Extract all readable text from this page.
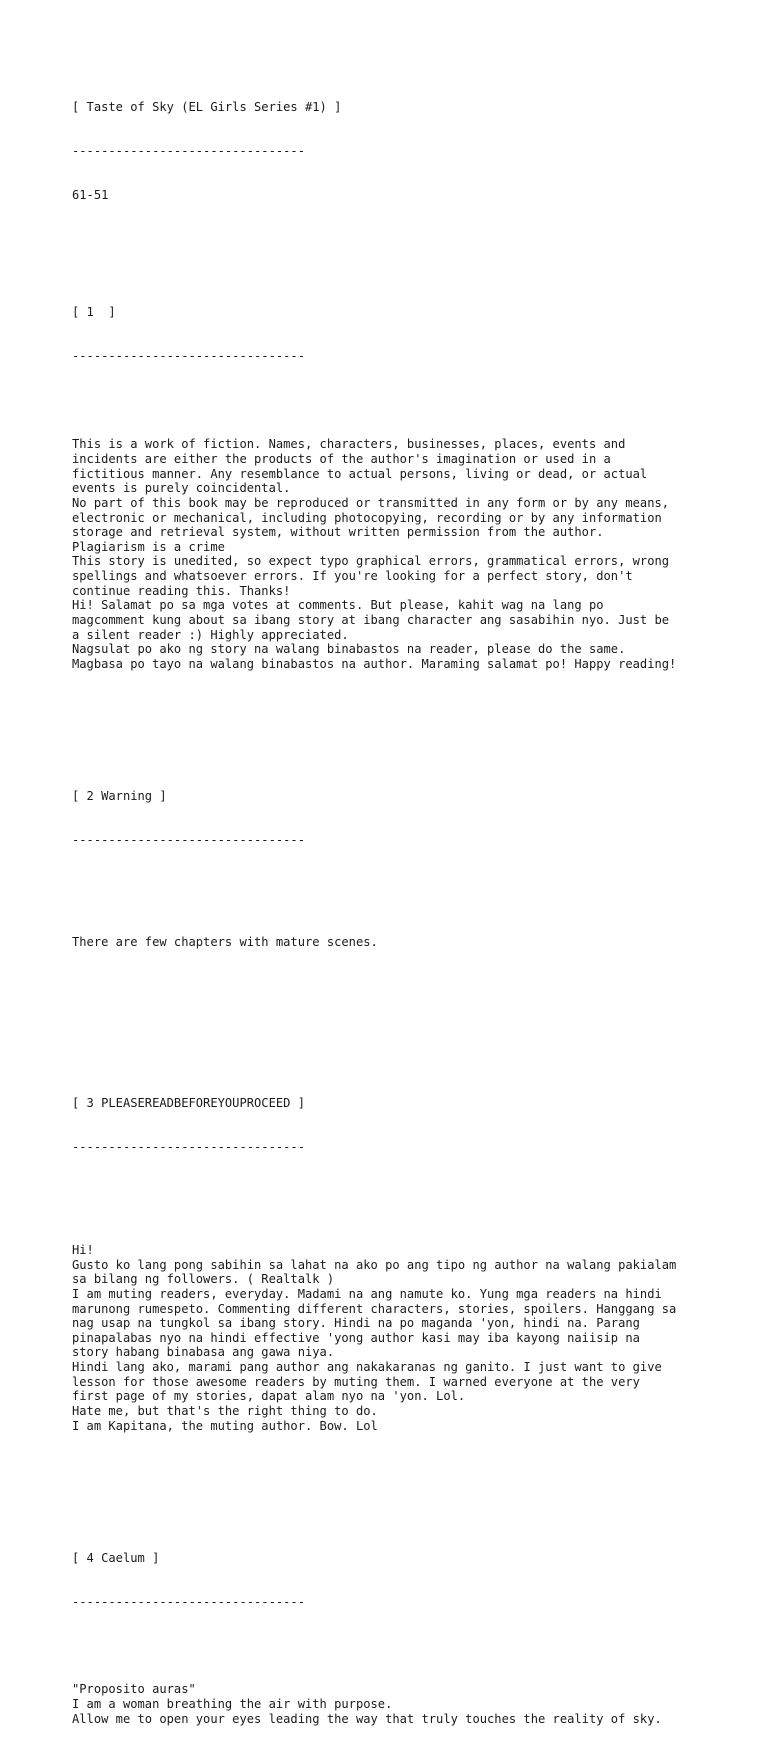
[ Taste of Sky (EL Girls Series #1) ]

--------------------------------

61-51

[ 1  ]

--------------------------------

This is a work of fiction. Names, characters, businesses, places, events and
incidents are either the products of the author's imagination or used in a
fictitious manner. Any resemblance to actual persons, living or dead, or actual
events is purely coincidental.
No part of this book may be reproduced or transmitted in any form or by any means,
electronic or mechanical, including photocopying, recording or by any information
storage and retrieval system, without written permission from the author.
Plagiarism is a crime
This story is unedited, so expect typo graphical errors, grammatical errors, wrong
spellings and whatsoever errors. If you're looking for a perfect story, don't
continue reading this. Thanks!
Hi! Salamat po sa mga votes at comments. But please, kahit wag na lang po
magcomment kung about sa ibang story at ibang character ang sasabihin nyo. Just be
a silent reader :) Highly appreciated.
Nagsulat po ako ng story na walang binabastos na reader, please do the same.
Magbasa po tayo na walang binabastos na author. Maraming salamat po! Happy reading!

[ 2 Warning ]

--------------------------------

There are few chapters with mature scenes.

[ 3 PLEASEREADBEFOREYOUPROCEED ]

--------------------------------

Hi!
Gusto ko lang pong sabihin sa lahat na ako po ang tipo ng author na walang pakialam
sa bilang ng followers. ( Realtalk )
I am muting readers, everyday. Madami na ang namute ko. Yung mga readers na hindi
marunong rumespeto. Commenting different characters, stories, spoilers. Hanggang sa
nag usap na tungkol sa ibang story. Hindi na po maganda 'yon, hindi na. Parang
pinapalabas nyo na hindi effective 'yong author kasi may iba kayong naiisip na
story habang binabasa ang gawa niya.
Hindi lang ako, marami pang author ang nakakaranas ng ganito. I just want to give
lesson for those awesome readers by muting them. I warned everyone at the very
first page of my stories, dapat alam nyo na 'yon. Lol.
Hate me, but that's the right thing to do.
I am Kapitana, the muting author. Bow. Lol

[ 4 Caelum ]

--------------------------------

"Proposito auras"
I am a woman breathing the air with purpose.
Allow me to open your eyes leading the way that truly touches the reality of sky.
